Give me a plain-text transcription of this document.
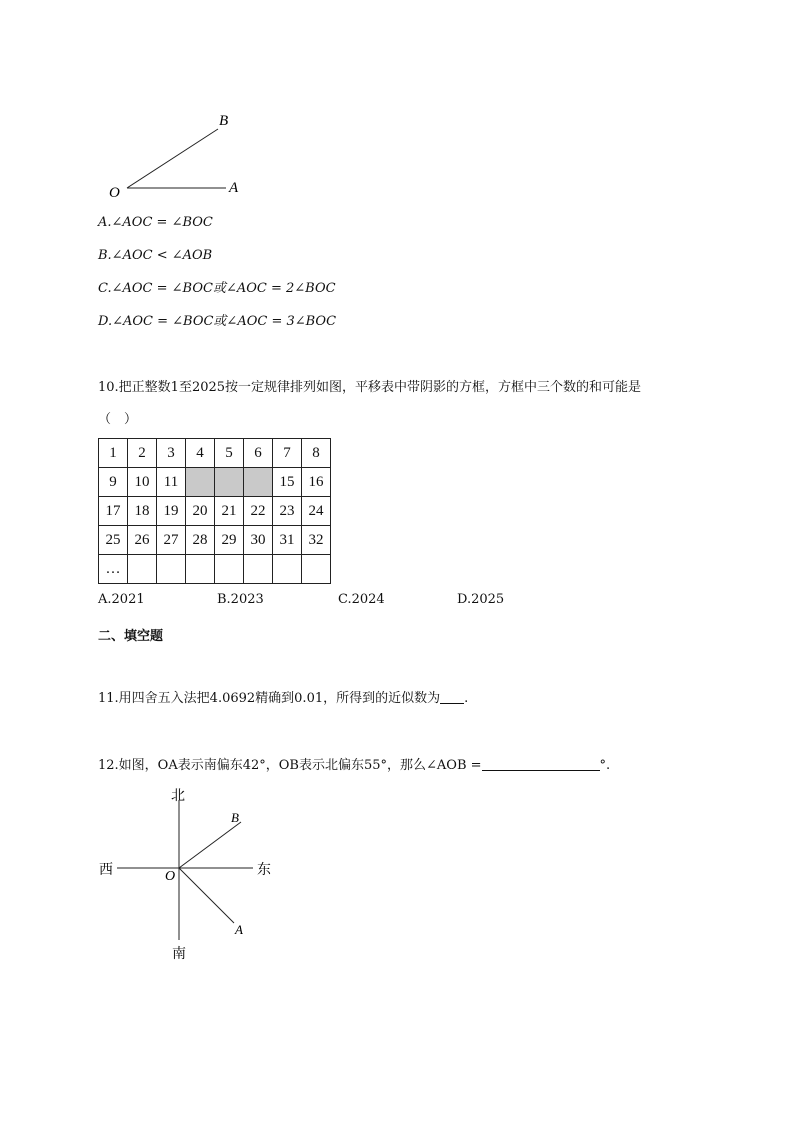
O	A
B
A.∠AOC = ∠BOC
B.∠AOC < ∠AOB
C.∠AOC = ∠BOC或∠AOC = 2∠BOC
D.∠AOC = ∠BOC或∠AOC = 3∠BOC
10.把正整数1至2025按一定规律排列如图，平移表中带阴影的方框，方框中三个数的和可能是
（　）
1	2	3	4	5	6	7	8
9	10	11				15	16
17	18	19	20	21	22	23	24
25	26	27	28	29	30	31	32
…							
A.2021	B.2023	C.2024	D.2025
二、填空题
11.用四舍五入法把4.0692精确到0.01，所得到的近似数为 .
12.如图，OA表示南偏东42°，OB表示北偏东55°，那么∠AOB =	°.
北
南
西	东
O
B
A
